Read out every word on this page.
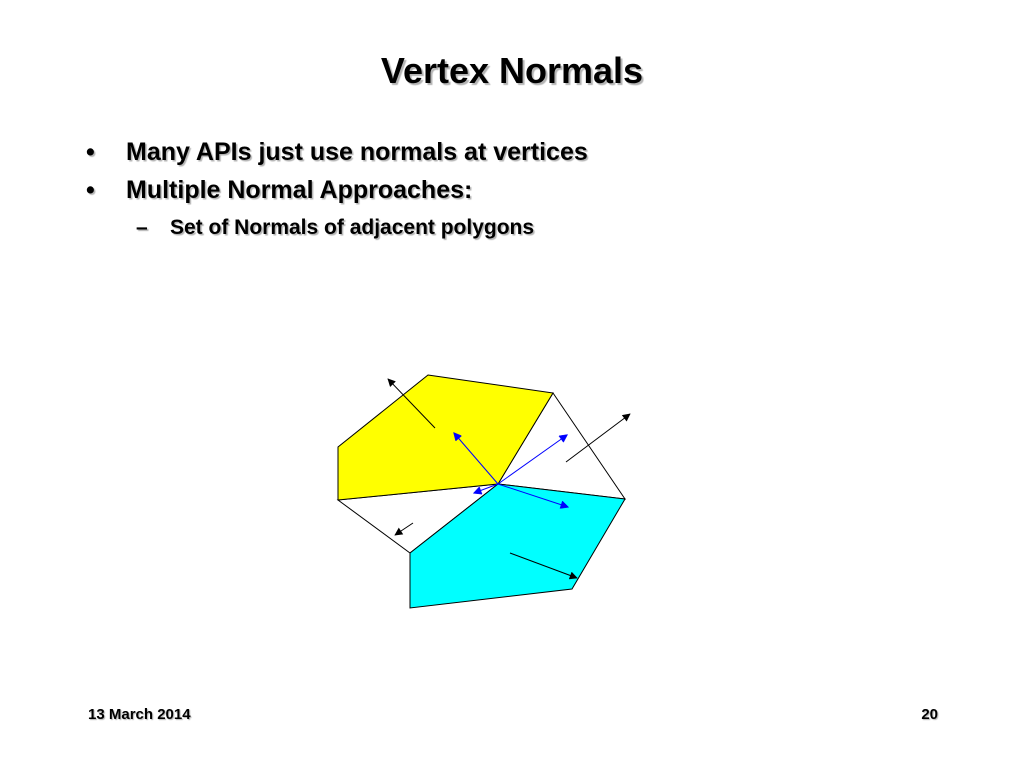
Vertex Normals
• Many APIs just use normals at vertices
• Multiple Normal Approaches:
– Set of Normals of adjacent polygons
13 March 2014	20
